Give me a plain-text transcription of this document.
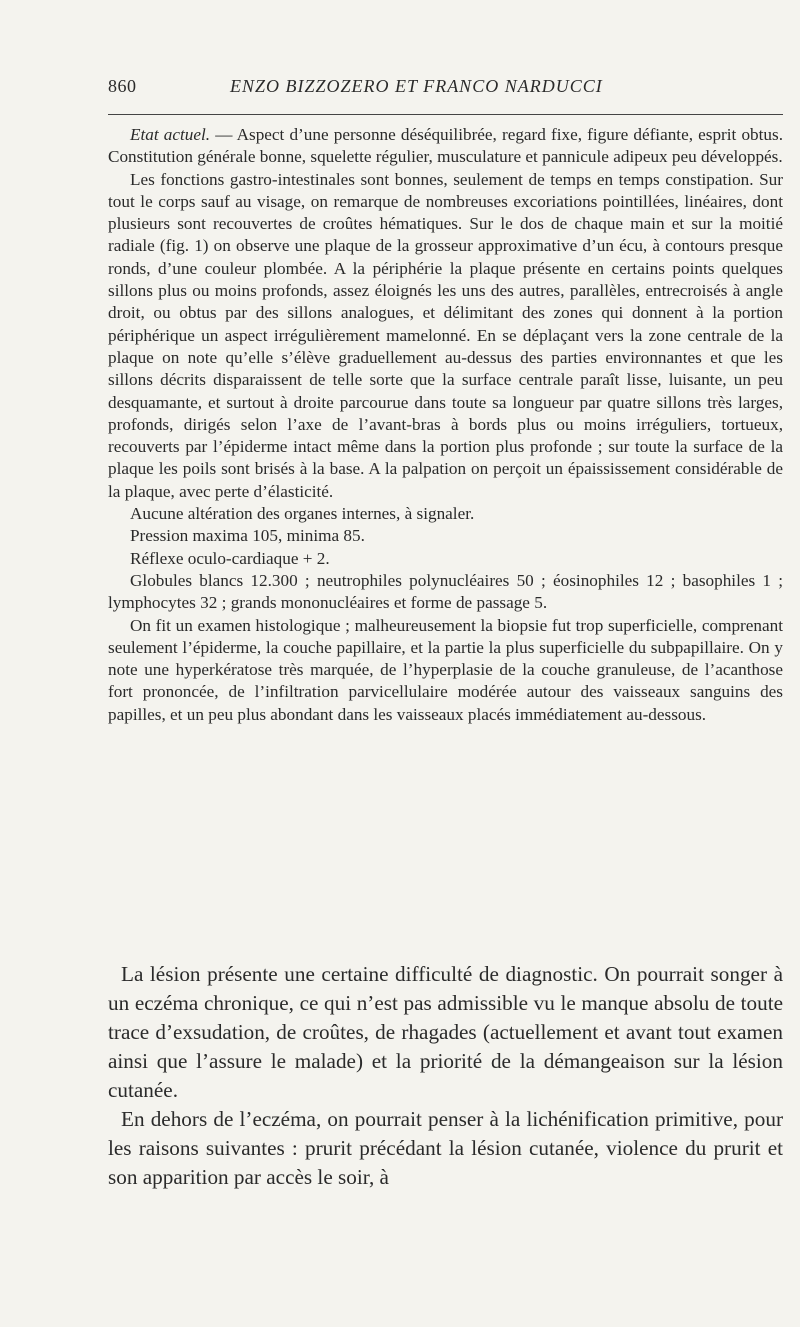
860	ENZO BIZZOZERO ET FRANCO NARDUCCI

Etat actuel. — Aspect d’une personne déséquilibrée, regard fixe, figure défiante, esprit obtus. Constitution générale bonne, squelette régulier, musculature et pannicule adipeux peu développés.

Les fonctions gastro-intestinales sont bonnes, seulement de temps en temps constipation. Sur tout le corps sauf au visage, on remarque de nombreuses excoriations pointillées, linéaires, dont plusieurs sont recouvertes de croûtes hématiques. Sur le dos de chaque main et sur la moitié radiale (fig. 1) on observe une plaque de la grosseur approximative d’un écu, à contours presque ronds, d’une couleur plombée. A la périphérie la plaque présente en certains points quelques sillons plus ou moins profonds, assez éloignés les uns des autres, parallèles, entrecroisés à angle droit, ou obtus par des sillons analogues, et délimitant des zones qui donnent à la portion périphérique un aspect irrégulièrement mamelonné. En se déplaçant vers la zone centrale de la plaque on note qu’elle s’élève graduellement au-dessus des parties environnantes et que les sillons décrits disparaissent de telle sorte que la surface centrale paraît lisse, luisante, un peu desquamante, et surtout à droite parcourue dans toute sa longueur par quatre sillons très larges, profonds, dirigés selon l’axe de l’avant-bras à bords plus ou moins irréguliers, tortueux, recouverts par l’épiderme intact même dans la portion plus profonde ; sur toute la surface de la plaque les poils sont brisés à la base. A la palpation on perçoit un épaississement considérable de la plaque, avec perte d’élasticité.

Aucune altération des organes internes, à signaler.

Pression maxima 105, minima 85.

Réflexe oculo-cardiaque + 2.

Globules blancs 12.300 ; neutrophiles polynucléaires 50 ; éosinophiles 12 ; basophiles 1 ; lymphocytes 32 ; grands mononucléaires et forme de passage 5.

On fit un examen histologique ; malheureusement la biopsie fut trop superficielle, comprenant seulement l’épiderme, la couche papillaire, et la partie la plus superficielle du subpapillaire. On y note une hyperkératose très marquée, de l’hyperplasie de la couche granuleuse, de l’acanthose fort prononcée, de l’infiltration parvicellulaire modérée autour des vaisseaux sanguins des papilles, et un peu plus abondant dans les vaisseaux placés immédiatement au-dessous.

La lésion présente une certaine difficulté de diagnostic. On pourrait songer à un eczéma chronique, ce qui n’est pas admissible vu le manque absolu de toute trace d’exsudation, de croûtes, de rhagades (actuellement et avant tout examen ainsi que l’assure le malade) et la priorité de la démangeaison sur la lésion cutanée.

En dehors de l’eczéma, on pourrait penser à la lichénification primitive, pour les raisons suivantes : prurit précédant la lésion cutanée, violence du prurit et son apparition par accès le soir, à
